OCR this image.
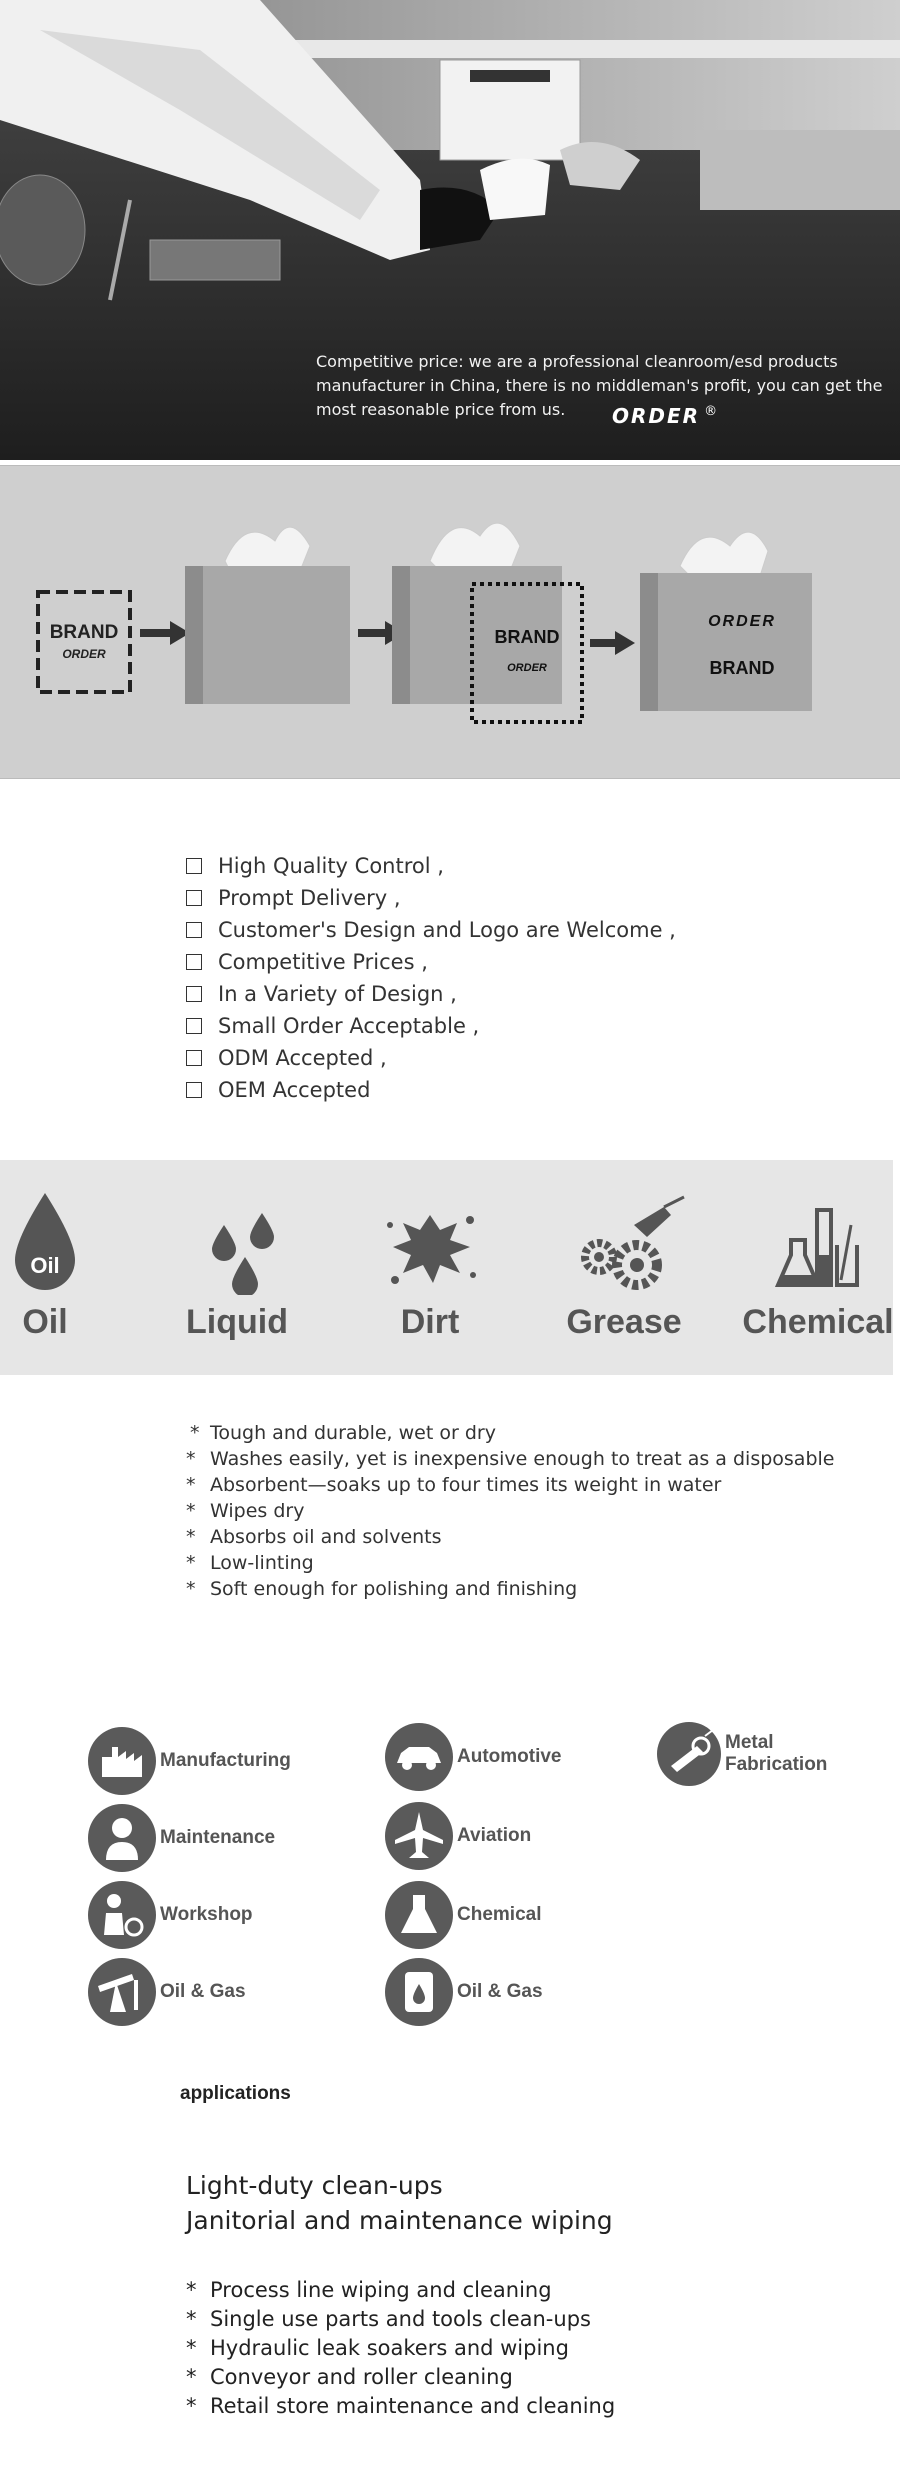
Competitive price: we are a professional cleanroom/esd products manufacturer in China, there is no middleman's profit, you can get the most reasonable price from us.	ORDER ®
BRAND
ORDER
BRAND
ORDER
ORDER
BRAND
High Quality Control ,
Prompt Delivery ,
Customer's Design and Logo are Welcome ,
Competitive Prices ,
In a Variety of Design ,
Small Order Acceptable ,
ODM Accepted ,
OEM Accepted
Oil
Oil	Liquid	Dirt	Grease	Chemical
* Tough and durable, wet or dry
* Washes easily, yet is inexpensive enough to treat as a disposable
* Absorbent—soaks up to four times its weight in water
* Wipes dry
* Absorbs oil and solvents
* Low-linting
* Soft enough for polishing and finishing
Manufacturing
Maintenance
Workshop
Oil & Gas
Automotive
Aviation
Chemical
Oil & Gas
Metal
Fabrication
applications
Light-duty clean-ups
Janitorial and maintenance wiping
* Process line wiping and cleaning
* Single use parts and tools clean-ups
* Hydraulic leak soakers and wiping
* Conveyor and roller cleaning
* Retail store maintenance and cleaning
